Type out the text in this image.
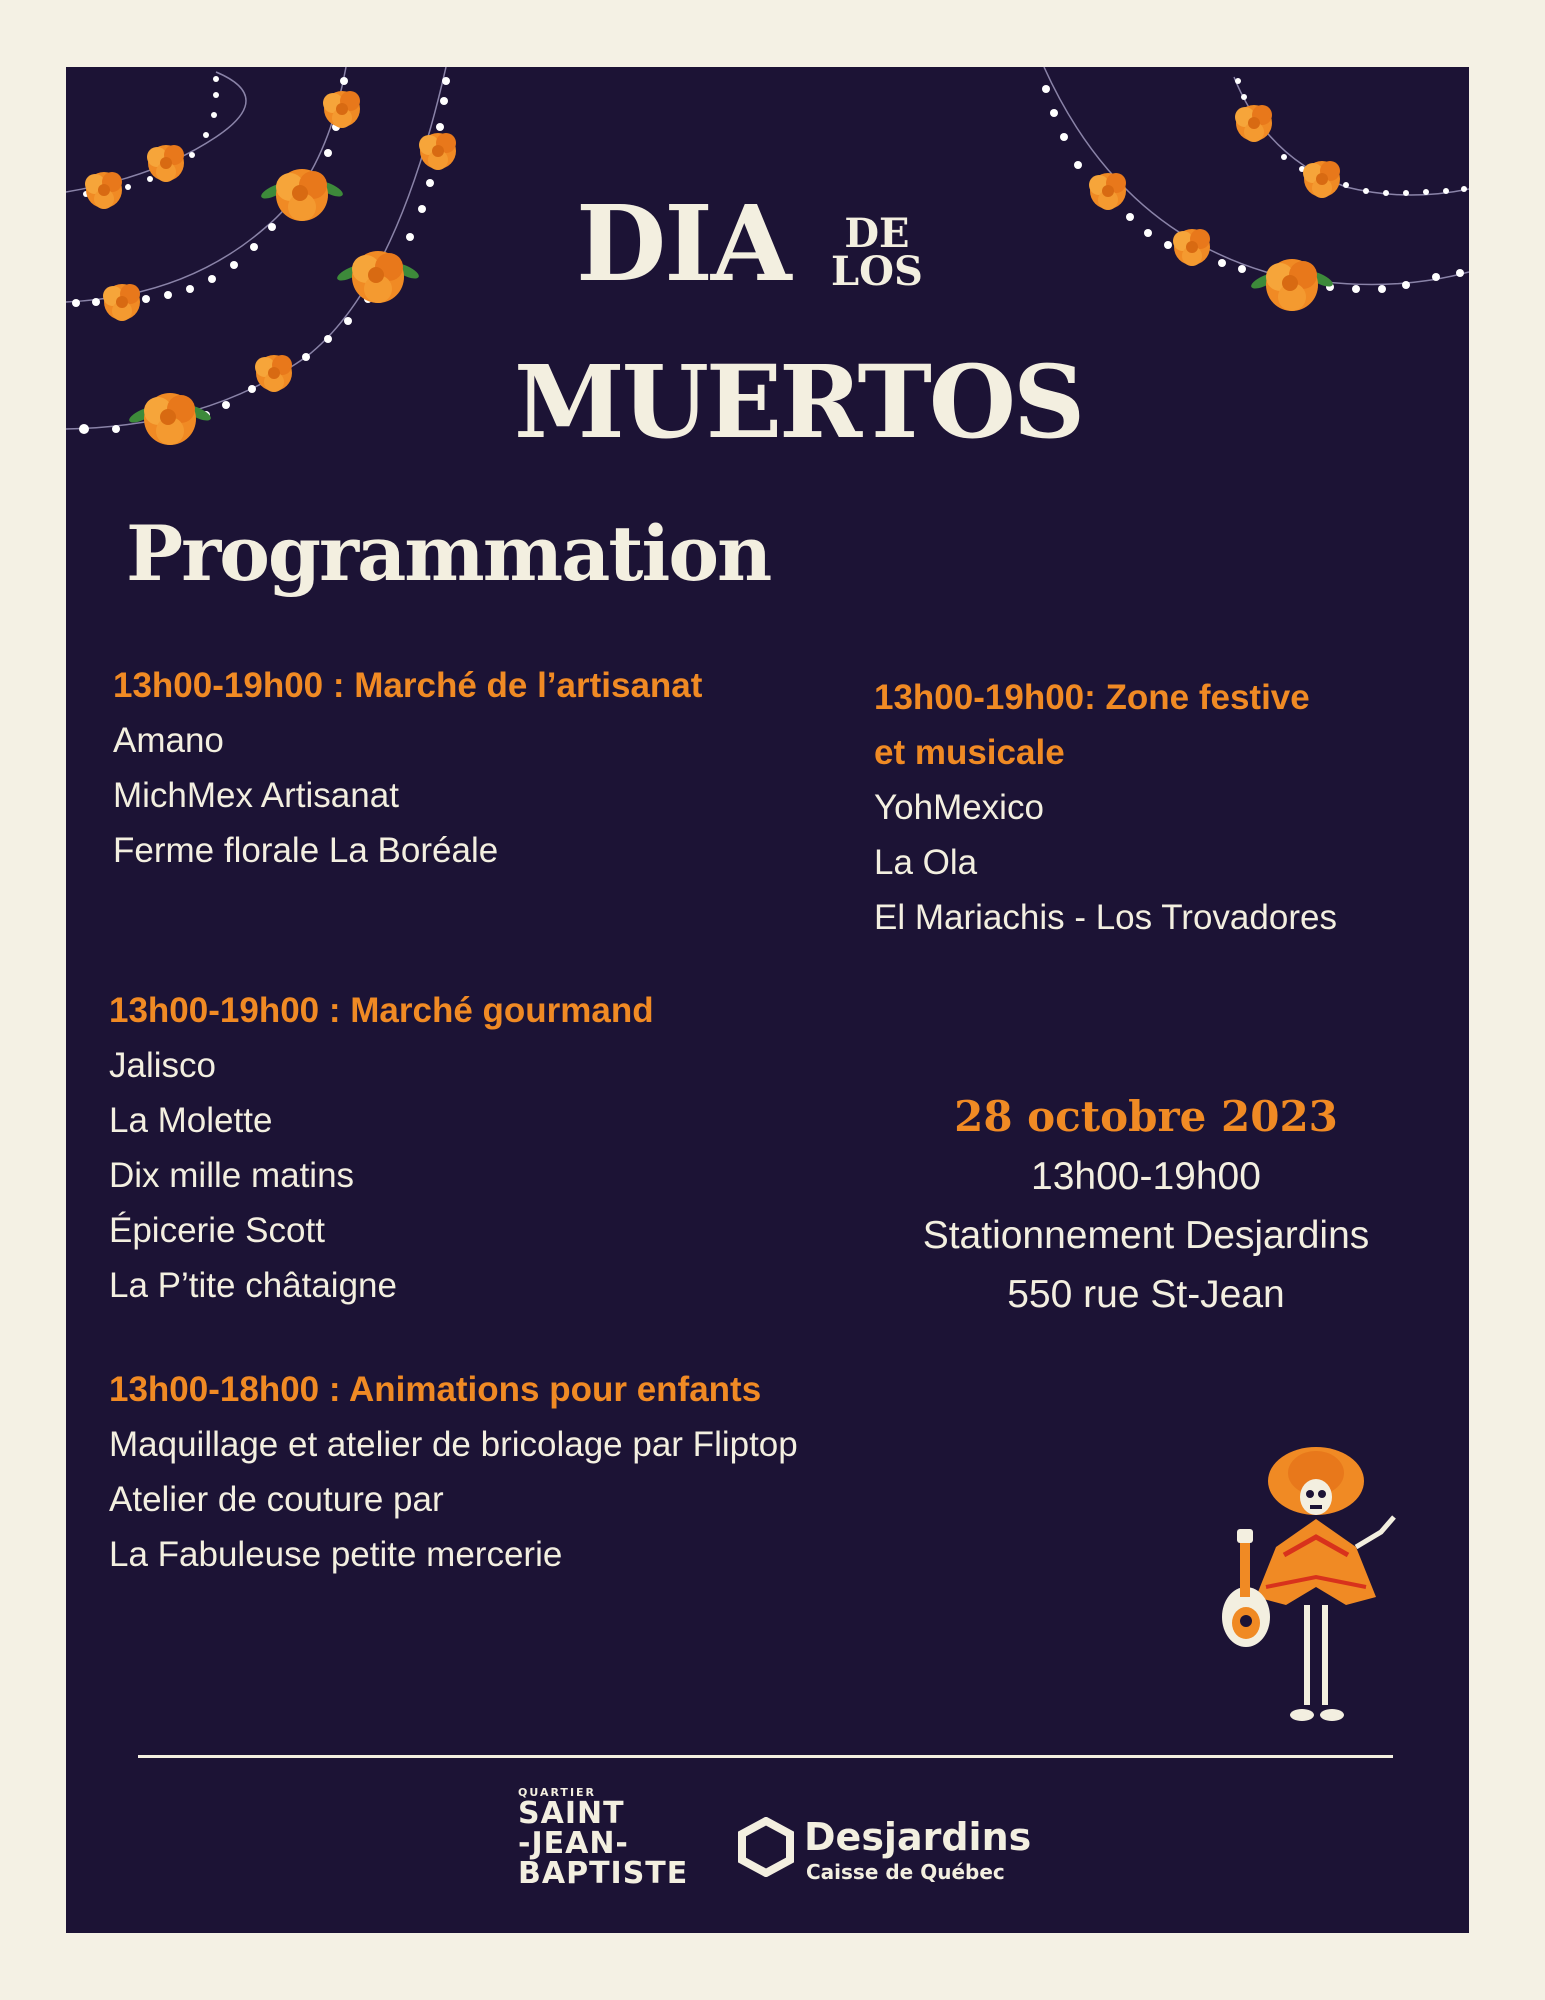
DIA	DE
LOS
MUERTOS
Programmation
13h00-19h00 : Marché de l’artisanat

Amano

MichMex Artisanat

Ferme florale La Boréale

13h00-19h00: Zone festive
et musicale

YohMexico

La Ola

El Mariachis - Los Trovadores

13h00-19h00 : Marché gourmand

Jalisco

La Molette

Dix mille matins

Épicerie Scott

La P’tite châtaigne

13h00-18h00 : Animations pour enfants

Maquillage et atelier de bricolage par Fliptop

Atelier de couture par

La Fabuleuse petite mercerie

28 octobre 2023
13h00-19h00
Stationnement Desjardins
550 rue St-Jean
QUARTIER
SAINT
-JEAN-
BAPTISTE
Desjardins
Caisse de Québec
